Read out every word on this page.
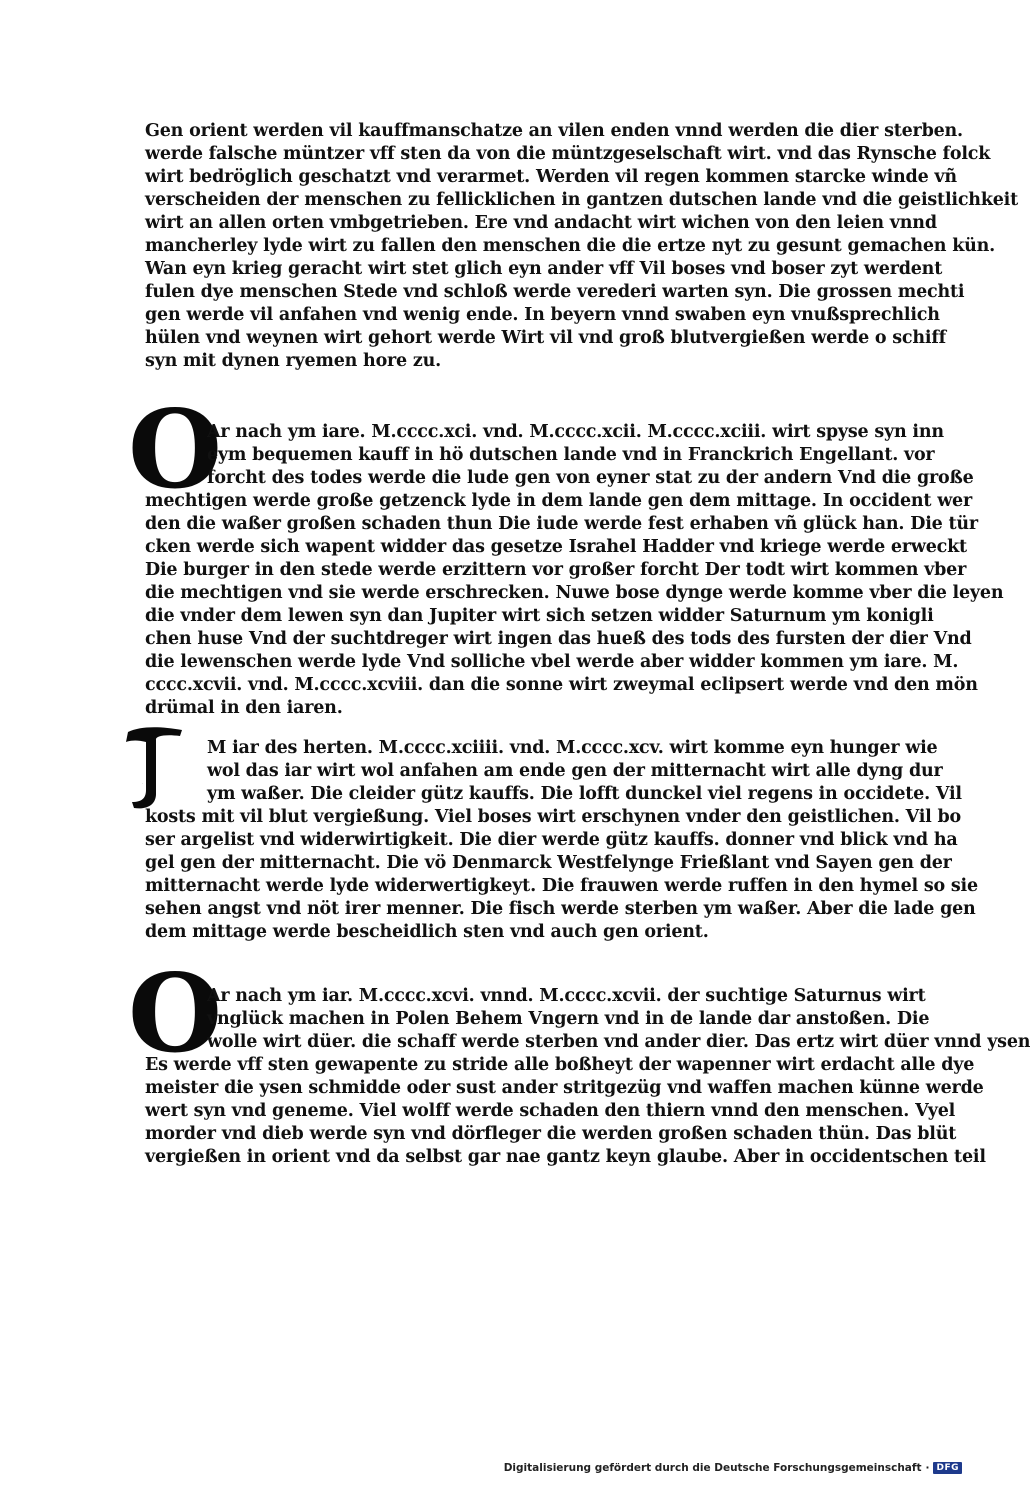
Gen orient werden vil kauffmanschatze an vilen enden vnnd werden die dier sterben.
werde falsche müntzer vff sten da von die müntzgeselschaft wirt. vnd das Rynsche folck
wirt bedröglich geschatzt vnd verarmet. Werden vil regen kommen starcke winde vñ
verscheiden der menschen zu fellicklichen in gantzen dutschen lande vnd die geistlichkeit
wirt an allen orten vmbgetrieben. Ere vnd andacht wirt wichen von den leien vnnd
mancherley lyde wirt zu fallen den menschen die die ertze nyt zu gesunt gemachen kün.
Wan eyn krieg geracht wirt stet glich eyn ander vff Vil boses vnd boser zyt werdent
fulen dye menschen Stede vnd schloß werde verederi warten syn. Die grossen mechti
gen werde vil anfahen vnd wenig ende. In beyern vnnd swaben eyn vnußsprechlich
hülen vnd weynen wirt gehort werde Wirt vil vnd groß blutvergießen werde o schiff
syn mit dynen ryemen hore zu.
O
Ar nach ym iare. M.cccc.xci. vnd. M.cccc.xcii. M.cccc.xciii. wirt spyse syn inn
eym bequemen kauff in hö dutschen lande vnd in Franckrich Engellant. vor
forcht des todes werde die lude gen von eyner stat zu der andern Vnd die große
mechtigen werde große getzenck lyde in dem lande gen dem mittage. In occident wer
den die waßer großen schaden thun Die iude werde fest erhaben vñ glück han. Die tür
cken werde sich wapent widder das gesetze Israhel Hadder vnd kriege werde erweckt
Die burger in den stede werde erzittern vor großer forcht Der todt wirt kommen vber
die mechtigen vnd sie werde erschrecken. Nuwe bose dynge werde komme vber die leyen
die vnder dem lewen syn dan Jupiter wirt sich setzen widder Saturnum ym konigli
chen huse Vnd der suchtdreger wirt ingen das hueß des tods des fursten der dier Vnd
die lewenschen werde lyde Vnd solliche vbel werde aber widder kommen ym iare. M.
cccc.xcvii. vnd. M.cccc.xcviii. dan die sonne wirt zweymal eclipsert werde vnd den mön
drümal in den iaren.
I
M iar des herten. M.cccc.xciiii. vnd. M.cccc.xcv. wirt komme eyn hunger wie
wol das iar wirt wol anfahen am ende gen der mitternacht wirt alle dyng dur
ym waßer. Die cleider gütz kauffs. Die lofft dunckel viel regens in occidete. Vil
kosts mit vil blut vergießung. Viel boses wirt erschynen vnder den geistlichen. Vil bo
ser argelist vnd widerwirtigkeit. Die dier werde gütz kauffs. donner vnd blick vnd ha
gel gen der mitternacht. Die vö Denmarck Westfelynge Frießlant vnd Sayen gen der
mitternacht werde lyde widerwertigkeyt. Die frauwen werde ruffen in den hymel so sie
sehen angst vnd nöt irer menner. Die fisch werde sterben ym waßer. Aber die lade gen
dem mittage werde bescheidlich sten vnd auch gen orient.
O
Ar nach ym iar. M.cccc.xcvi. vnnd. M.cccc.xcvii. der suchtige Saturnus wirt
vnglück machen in Polen Behem Vngern vnd in de lande dar anstoßen. Die
wolle wirt düer. die schaff werde sterben vnd ander dier. Das ertz wirt düer vnnd ysen
Es werde vff sten gewapente zu stride alle boßheyt der wapenner wirt erdacht alle dye
meister die ysen schmidde oder sust ander stritgezüg vnd waffen machen künne werde
wert syn vnd geneme. Viel wolff werde schaden den thiern vnnd den menschen. Vyel
morder vnd dieb werde syn vnd dörfleger die werden großen schaden thün. Das blüt
vergießen in orient vnd da selbst gar nae gantz keyn glaube. Aber in occidentschen teil
Digitalisierung gefördert durch die Deutsche Forschungsgemeinschaft · DFG
